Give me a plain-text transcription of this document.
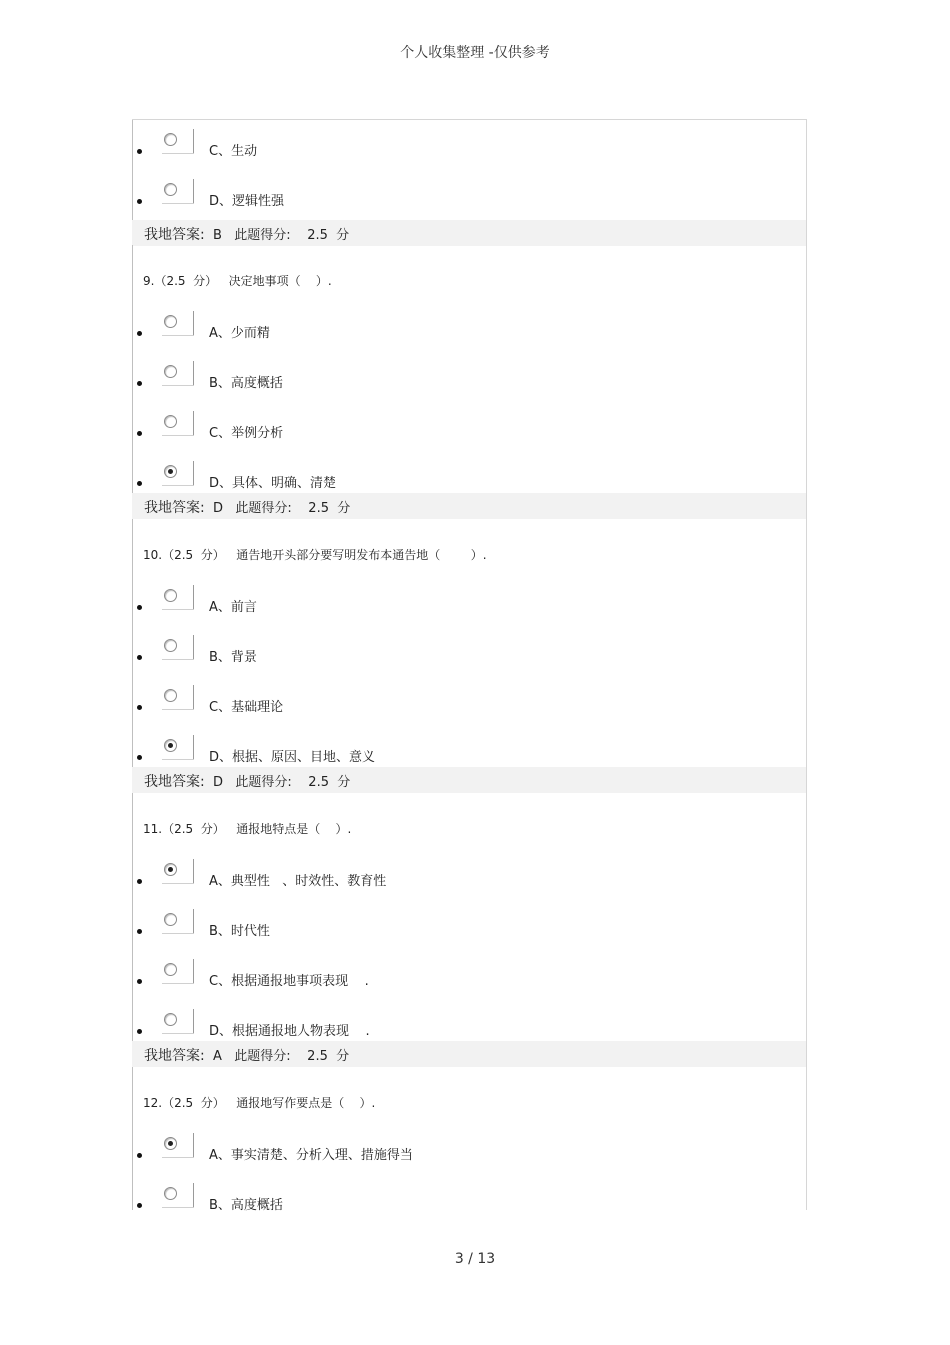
个人收集整理 -仅供参考
C、生动
D、逻辑性强
我地答案:  B   此题得分:    2.5  分
9.（2.5  分）   决定地事项（    ）.
A、少而精
B、高度概括
C、举例分析
D、具体、明确、清楚
我地答案:  D   此题得分:    2.5  分
10.（2.5  分）   通告地开头部分要写明发布本通告地（        ）.
A、前言
B、背景
C、基础理论
D、根据、原因、目地、意义
我地答案:  D   此题得分:    2.5  分
11.（2.5  分）   通报地特点是（    ）.
A、典型性   、时效性、教育性
B、时代性
C、根据通报地事项表现    .
D、根据通报地人物表现    .
我地答案:  A   此题得分:    2.5  分
12.（2.5  分）   通报地写作要点是（    ）.
A、事实清楚、分析入理、措施得当
B、高度概括
3 / 13
